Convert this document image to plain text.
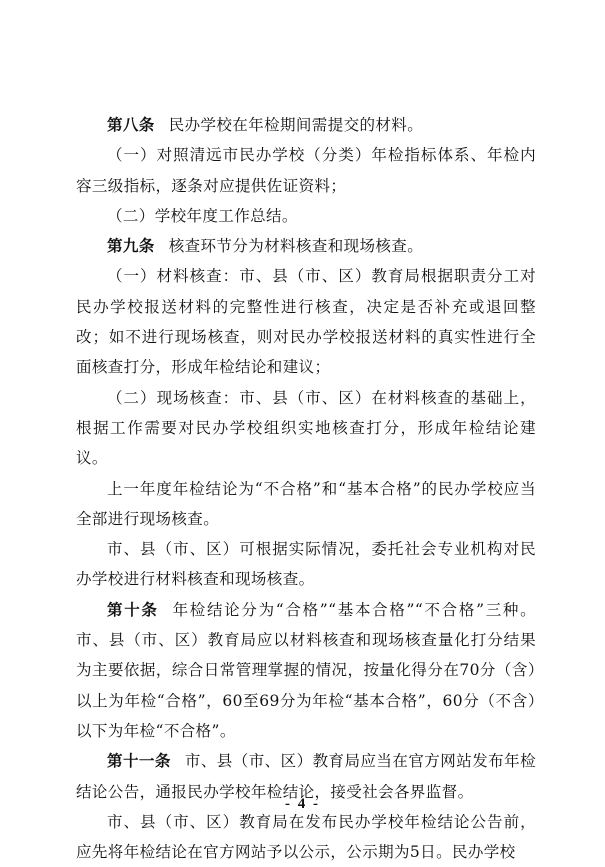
第八条 民办学校在年检期间需提交的材料。

（一）对照清远市民办学校（分类）年检指标体系、年检内容三级指标，逐条对应提供佐证资料；

（二）学校年度工作总结。

第九条 核查环节分为材料核查和现场核查。

（一）材料核查：市、县（市、区）教育局根据职责分工对民办学校报送材料的完整性进行核查，决定是否补充或退回整改；如不进行现场核查，则对民办学校报送材料的真实性进行全面核查打分，形成年检结论和建议；

（二）现场核查：市、县（市、区）在材料核查的基础上，根据工作需要对民办学校组织实地核查打分，形成年检结论建议。

上一年度年检结论为“不合格”和“基本合格”的民办学校应当全部进行现场核查。

市、县（市、区）可根据实际情况，委托社会专业机构对民办学校进行材料核查和现场核查。

第十条 年检结论分为“合格”“基本合格”“不合格”三种。市、县（市、区）教育局应以材料核查和现场核查量化打分结果为主要依据，综合日常管理掌握的情况，按量化得分在70分（含）以上为年检“合格”，60至69分为年检“基本合格”，60分（不含）以下为年检“不合格”。

第十一条 市、县（市、区）教育局应当在官方网站发布年检结论公告，通报民办学校年检结论，接受社会各界监督。

市、县（市、区）教育局在发布民办学校年检结论公告前，应先将年检结论在官方网站予以公示，公示期为5日。民办学校

- 4 -
